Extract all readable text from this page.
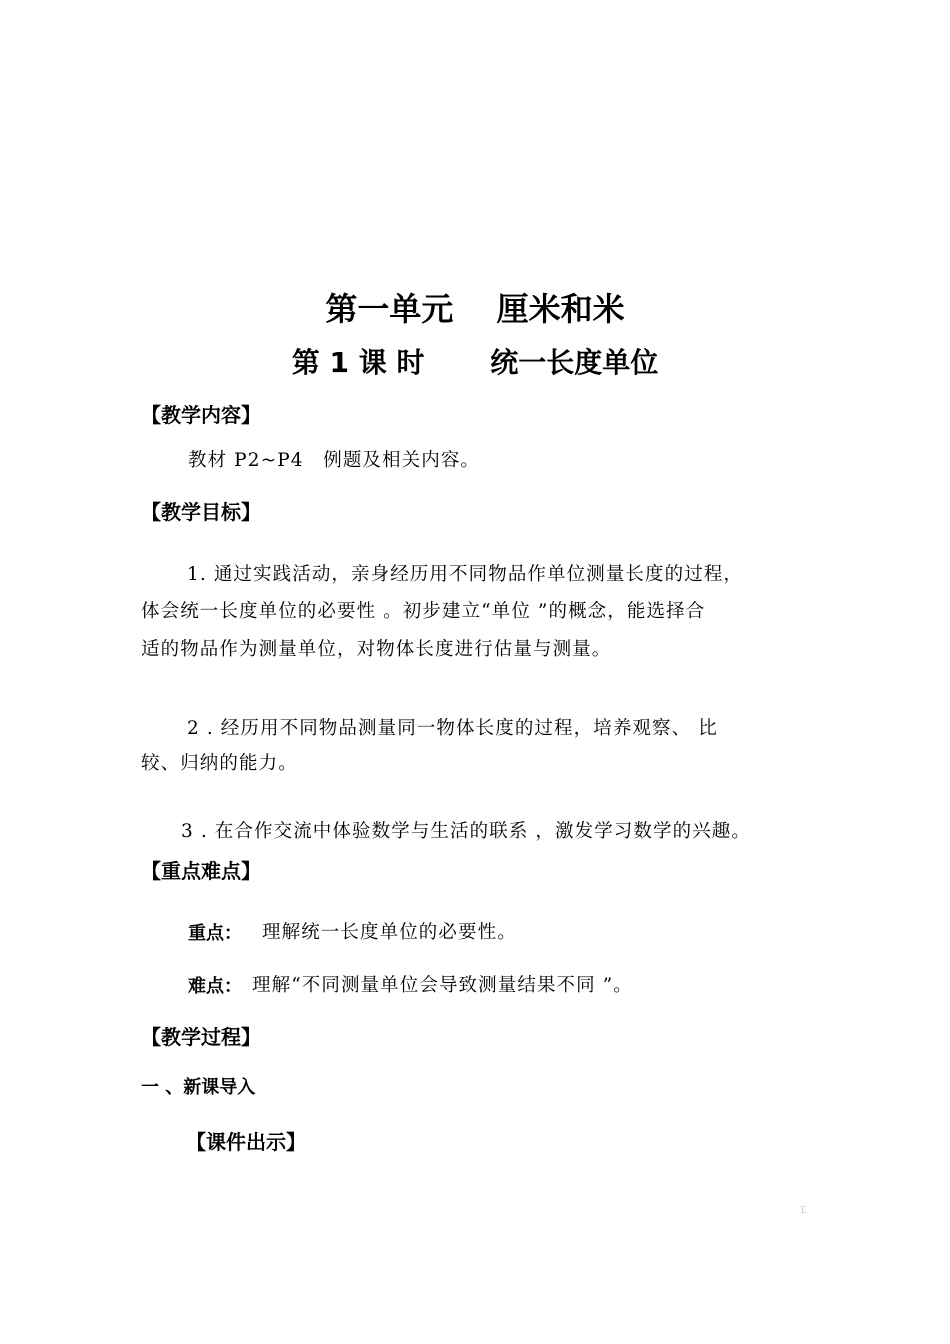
第一单元　 厘米和米
第 1 课 时　　 统一长度单位
【教学内容】
教材 P2~P4　例题及相关内容。
【教学目标】
1. 通过实践活动，亲身经历用不同物品作单位测量长度的过程，
体会统一长度单位的必要性 。初步建立“单位 ”的概念，能选择合
适的物品作为测量单位，对物体长度进行估量与测量。
2 . 经历用不同物品测量同一物体长度的过程，培养观察、 比
较、归纳的能力。
3 . 在合作交流中体验数学与生活的联系 ，激发学习数学的兴趣。
【重点难点】
重点： 理解统一长度单位的必要性。
难点： 理解“不同测量单位会导致测量结果不同 ”。
【教学过程】
一 、新课导入
【课件出示】
工
